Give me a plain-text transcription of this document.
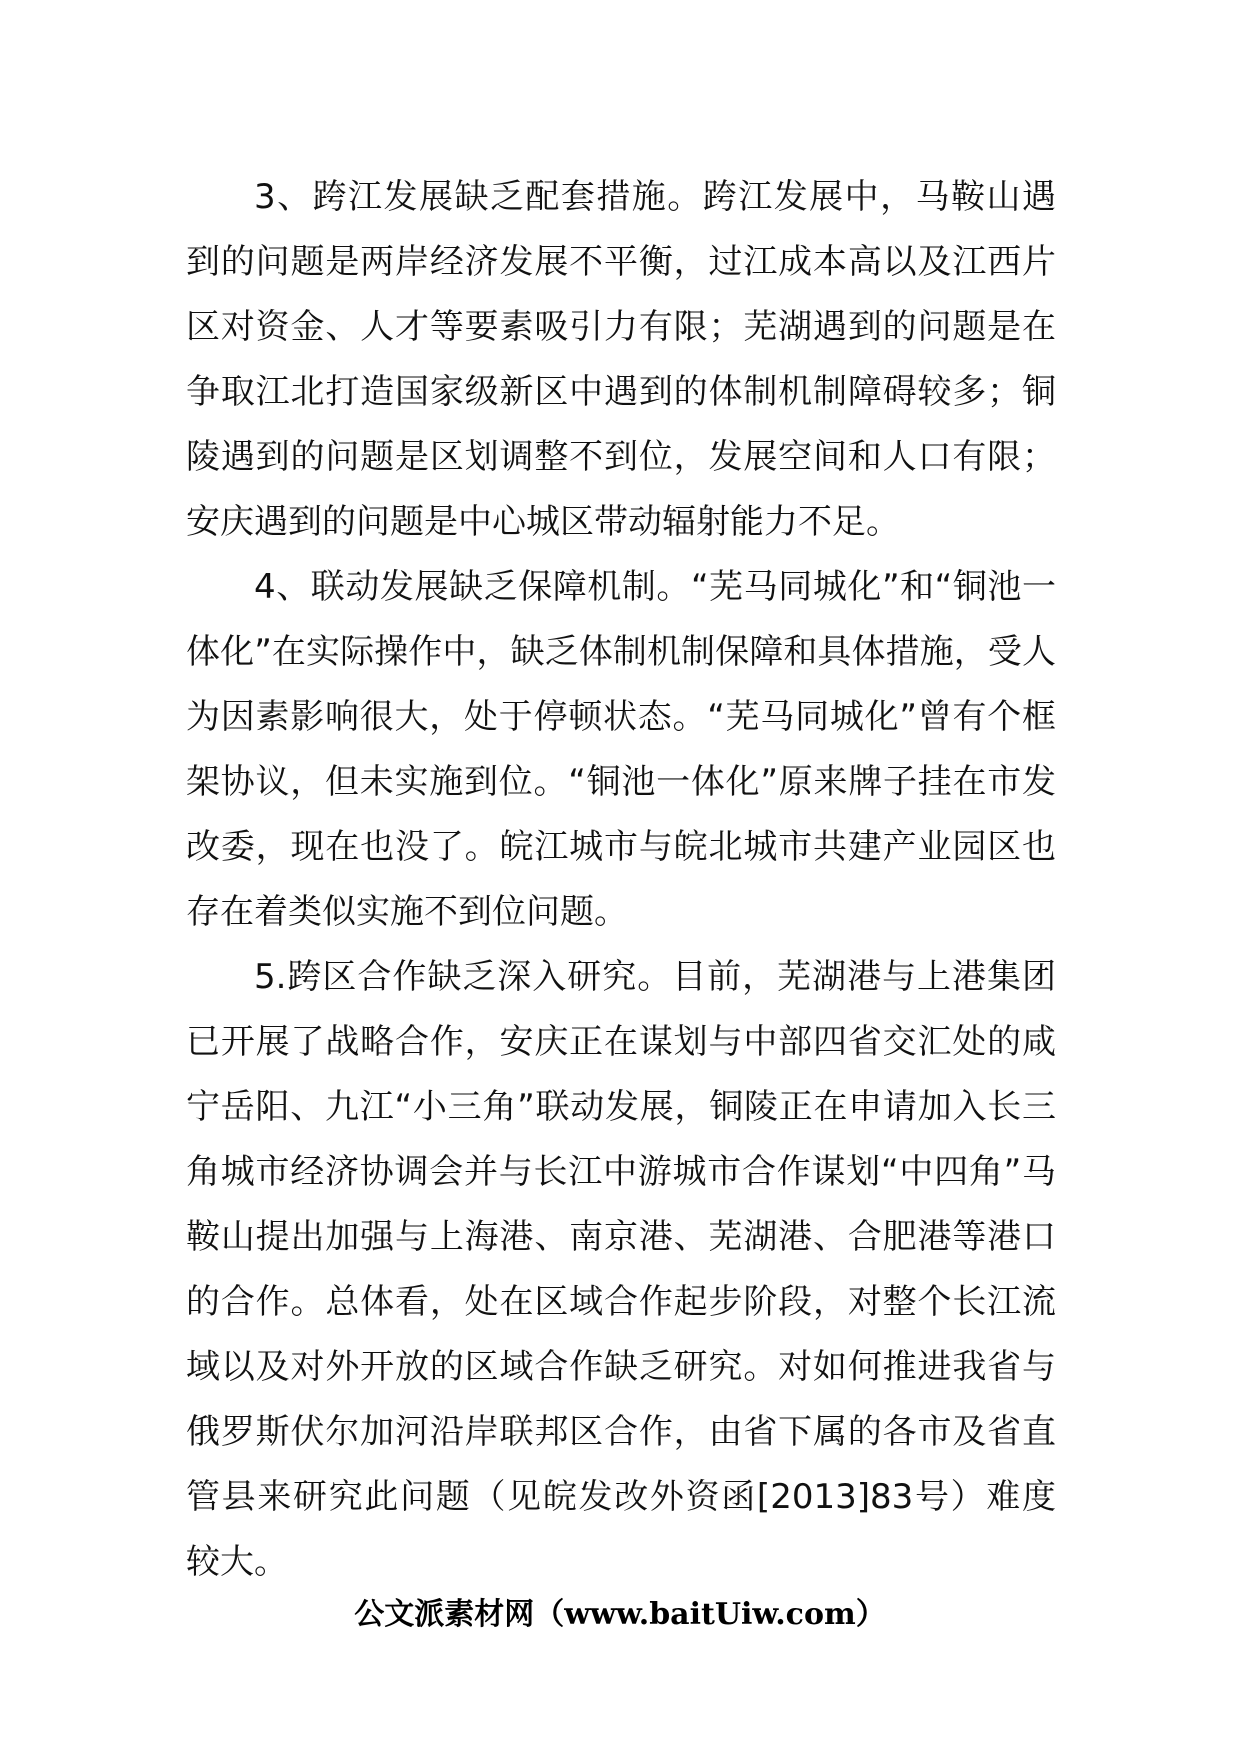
3、跨江发展缺乏配套措施。跨江发展中，马鞍山遇到的问题是两岸经济发展不平衡，过江成本高以及江西片区对资金、人才等要素吸引力有限；芜湖遇到的问题是在争取江北打造国家级新区中遇到的体制机制障碍较多；铜陵遇到的问题是区划调整不到位，发展空间和人口有限；安庆遇到的问题是中心城区带动辐射能力不足。

4、联动发展缺乏保障机制。“芜马同城化”和“铜池一体化”在实际操作中，缺乏体制机制保障和具体措施，受人为因素影响很大，处于停顿状态。“芜马同城化”曾有个框架协议，但未实施到位。“铜池一体化”原来牌子挂在市发改委，现在也没了。皖江城市与皖北城市共建产业园区也存在着类似实施不到位问题。

5.跨区合作缺乏深入研究。目前，芜湖港与上港集团已开展了战略合作，安庆正在谋划与中部四省交汇处的咸宁岳阳、九江“小三角”联动发展，铜陵正在申请加入长三角城市经济协调会并与长江中游城市合作谋划“中四角”马鞍山提出加强与上海港、南京港、芜湖港、合肥港等港口的合作。总体看，处在区域合作起步阶段，对整个长江流域以及对外开放的区域合作缺乏研究。对如何推进我省与俄罗斯伏尔加河沿岸联邦区合作，由省下属的各市及省直管县来研究此问题（见皖发改外资函[2013]83号）难度较大。

公文派素材网（www.baitUiw.com）
